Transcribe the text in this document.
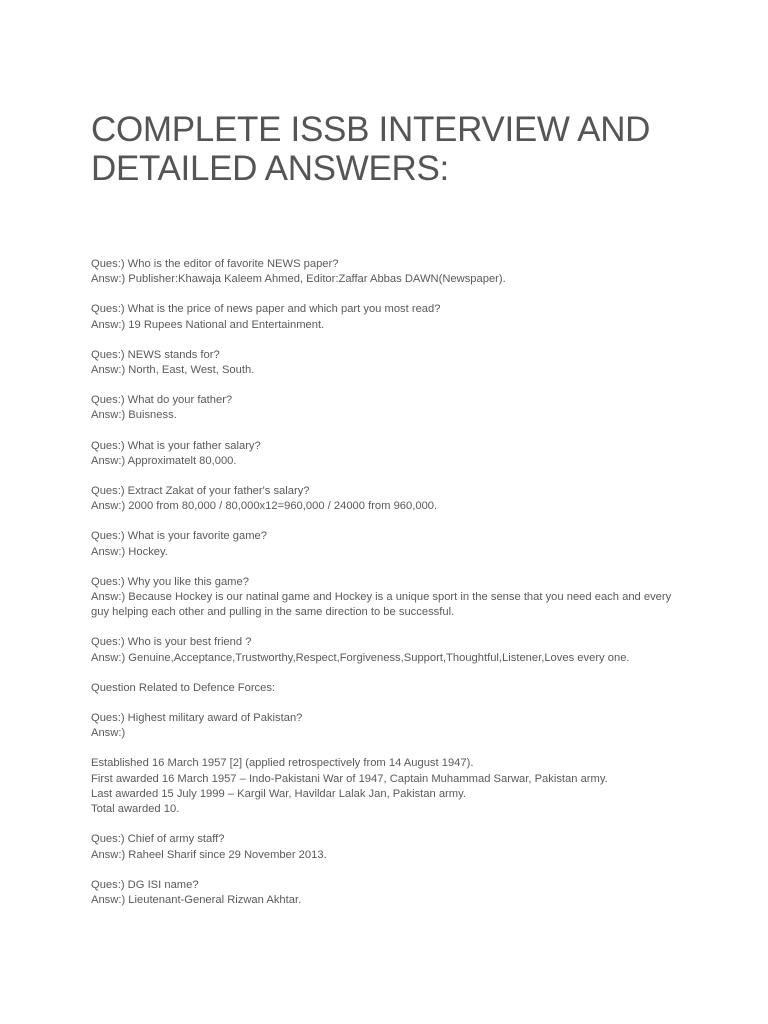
COMPLETE ISSB INTERVIEW AND
DETAILED ANSWERS:
Ques:) Who is the editor of favorite NEWS paper?
Answ:) Publisher:Khawaja Kaleem Ahmed, Editor:Zaffar Abbas DAWN(Newspaper).
Ques:) What is the price of news paper and which part you most read?
Answ:) 19 Rupees National and Entertainment.
Ques:) NEWS stands for?
Answ:) North, East, West, South.
Ques:) What do your father?
Answ:) Buisness.
Ques:) What is your father salary?
Answ:) Approximatelt 80,000.
Ques:) Extract Zakat of your father's salary?
Answ:) 2000 from 80,000 / 80,000x12=960,000 / 24000 from 960,000.
Ques:) What is your favorite game?
Answ:) Hockey.
Ques:) Why you like this game?
Answ:) Because Hockey is our natinal game and Hockey is a unique sport in the sense that you need each and every
guy helping each other and pulling in the same direction to be successful.
Ques:) Who is your best friend ?
Answ:) Genuine,Acceptance,Trustworthy,Respect,Forgiveness,Support,Thoughtful,Listener,Loves every one.
Question Related to Defence Forces:
Ques:) Highest military award of Pakistan?
Answ:)
Established 16 March 1957 [2] (applied retrospectively from 14 August 1947).
First awarded 16 March 1957 – Indo-Pakistani War of 1947, Captain Muhammad Sarwar, Pakistan army.
Last awarded 15 July 1999 – Kargil War, Havildar Lalak Jan, Pakistan army.
Total awarded 10.
Ques:) Chief of army staff?
Answ:) Raheel Sharif since 29 November 2013.
Ques:) DG ISI name?
Answ:) Lieutenant-General Rizwan Akhtar.
